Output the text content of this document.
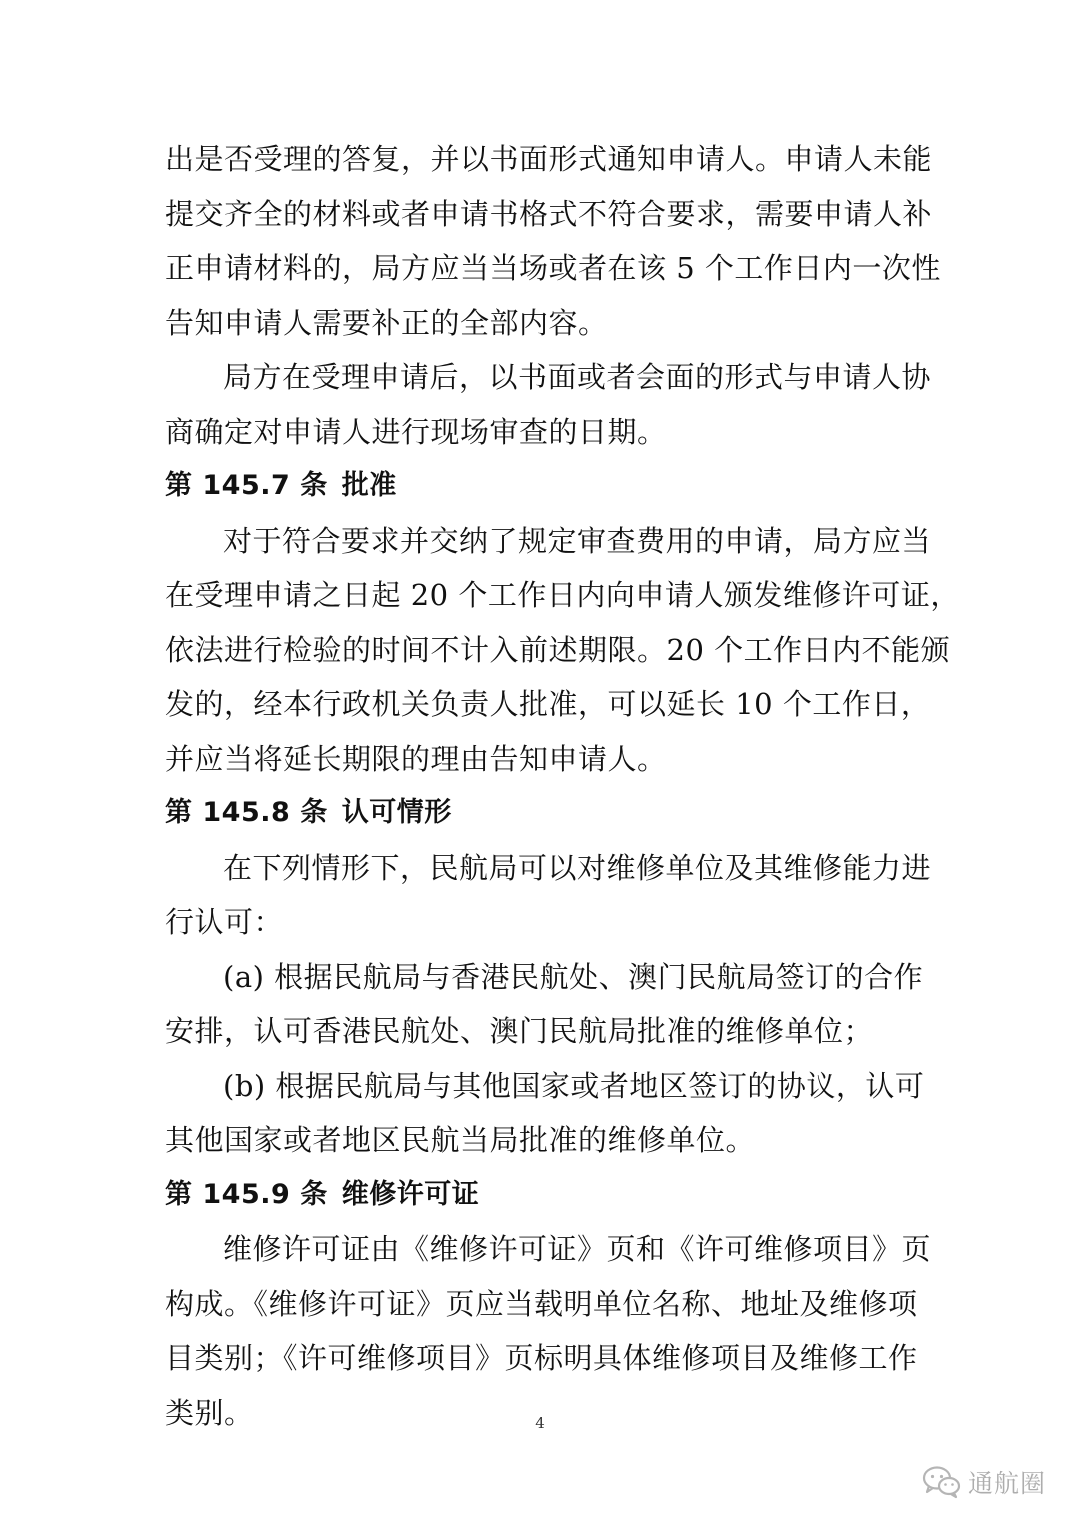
出是否受理的答复，并以书面形式通知申请人。申请人未能
提交齐全的材料或者申请书格式不符合要求，需要申请人补
正申请材料的，局方应当当场或者在该 5 个工作日内一次性
告知申请人需要补正的全部内容。
局方在受理申请后，以书面或者会面的形式与申请人协
商确定对申请人进行现场审查的日期。
第 145.7 条 批准
对于符合要求并交纳了规定审查费用的申请，局方应当
在受理申请之日起 20 个工作日内向申请人颁发维修许可证，
依法进行检验的时间不计入前述期限。20 个工作日内不能颁
发的，经本行政机关负责人批准，可以延长 10 个工作日，
并应当将延长期限的理由告知申请人。
第 145.8 条 认可情形
在下列情形下，民航局可以对维修单位及其维修能力进
行认可：
(a) 根据民航局与香港民航处、澳门民航局签订的合作
安排，认可香港民航处、澳门民航局批准的维修单位；
(b) 根据民航局与其他国家或者地区签订的协议，认可
其他国家或者地区民航当局批准的维修单位。
第 145.9 条 维修许可证
维修许可证由《维修许可证》页和《许可维修项目》页
构成。《维修许可证》页应当载明单位名称、地址及维修项
目类别；《许可维修项目》页标明具体维修项目及维修工作
类别。	4
通航圈
